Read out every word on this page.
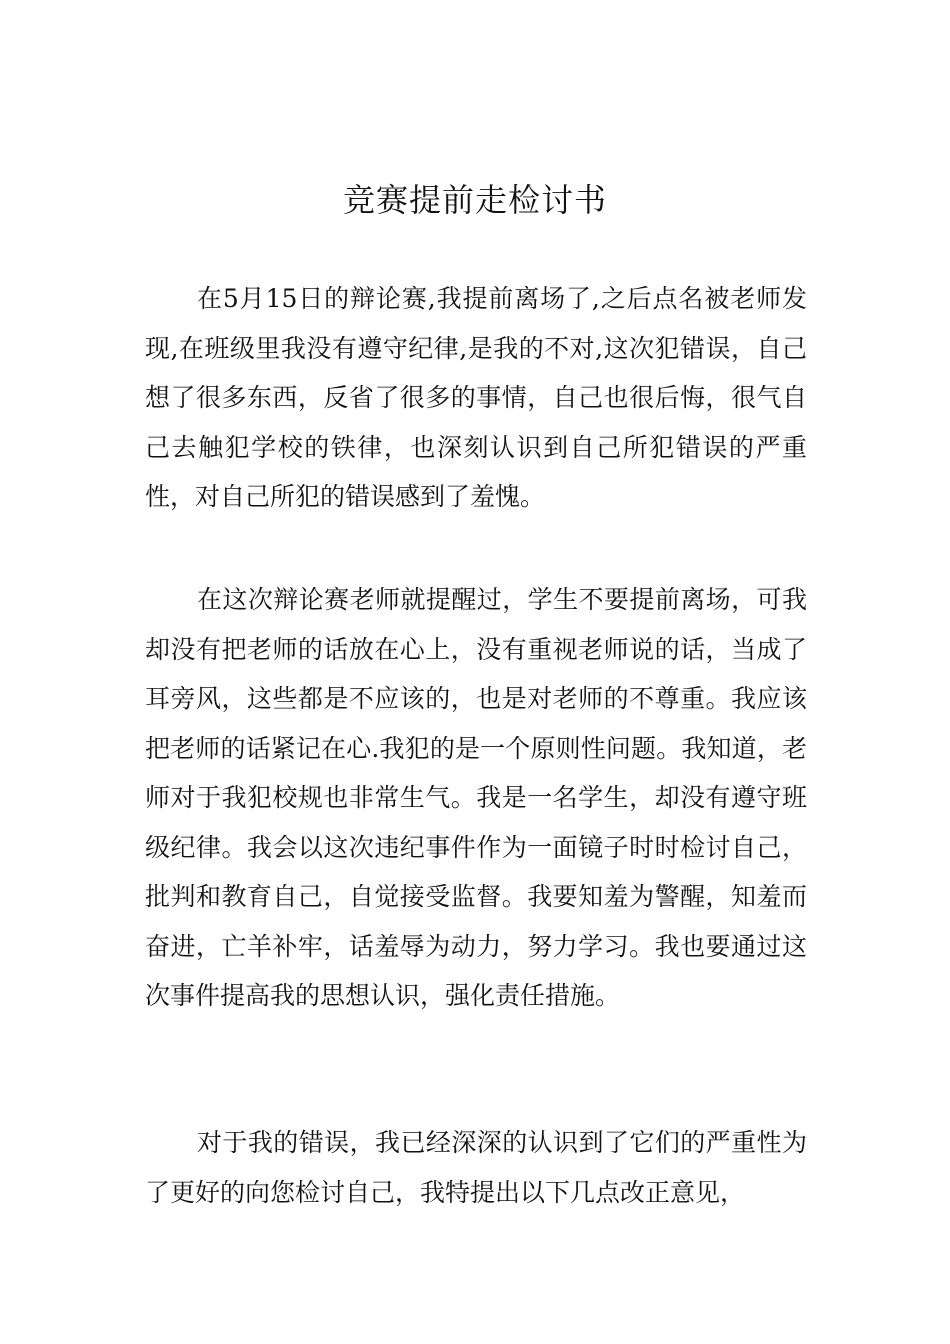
竞赛提前走检讨书

在5月15日的辩论赛,我提前离场了,之后点名被老师发现,在班级里我没有遵守纪律,是我的不对,这次犯错误，自己想了很多东西，反省了很多的事情，自己也很后悔，很气自己去触犯学校的铁律，也深刻认识到自己所犯错误的严重性，对自己所犯的错误感到了羞愧。

在这次辩论赛老师就提醒过，学生不要提前离场，可我却没有把老师的话放在心上，没有重视老师说的话，当成了耳旁风，这些都是不应该的，也是对老师的不尊重。我应该把老师的话紧记在心.我犯的是一个原则性问题。我知道，老师对于我犯校规也非常生气。我是一名学生，却没有遵守班级纪律。我会以这次违纪事件作为一面镜子时时检讨自己，批判和教育自己，自觉接受监督。我要知羞为警醒，知羞而奋进，亡羊补牢，话羞辱为动力，努力学习。我也要通过这次事件提高我的思想认识，强化责任措施。

对于我的错误，我已经深深的认识到了它们的严重性为了更好的向您检讨自己，我特提出以下几点改正意见，
